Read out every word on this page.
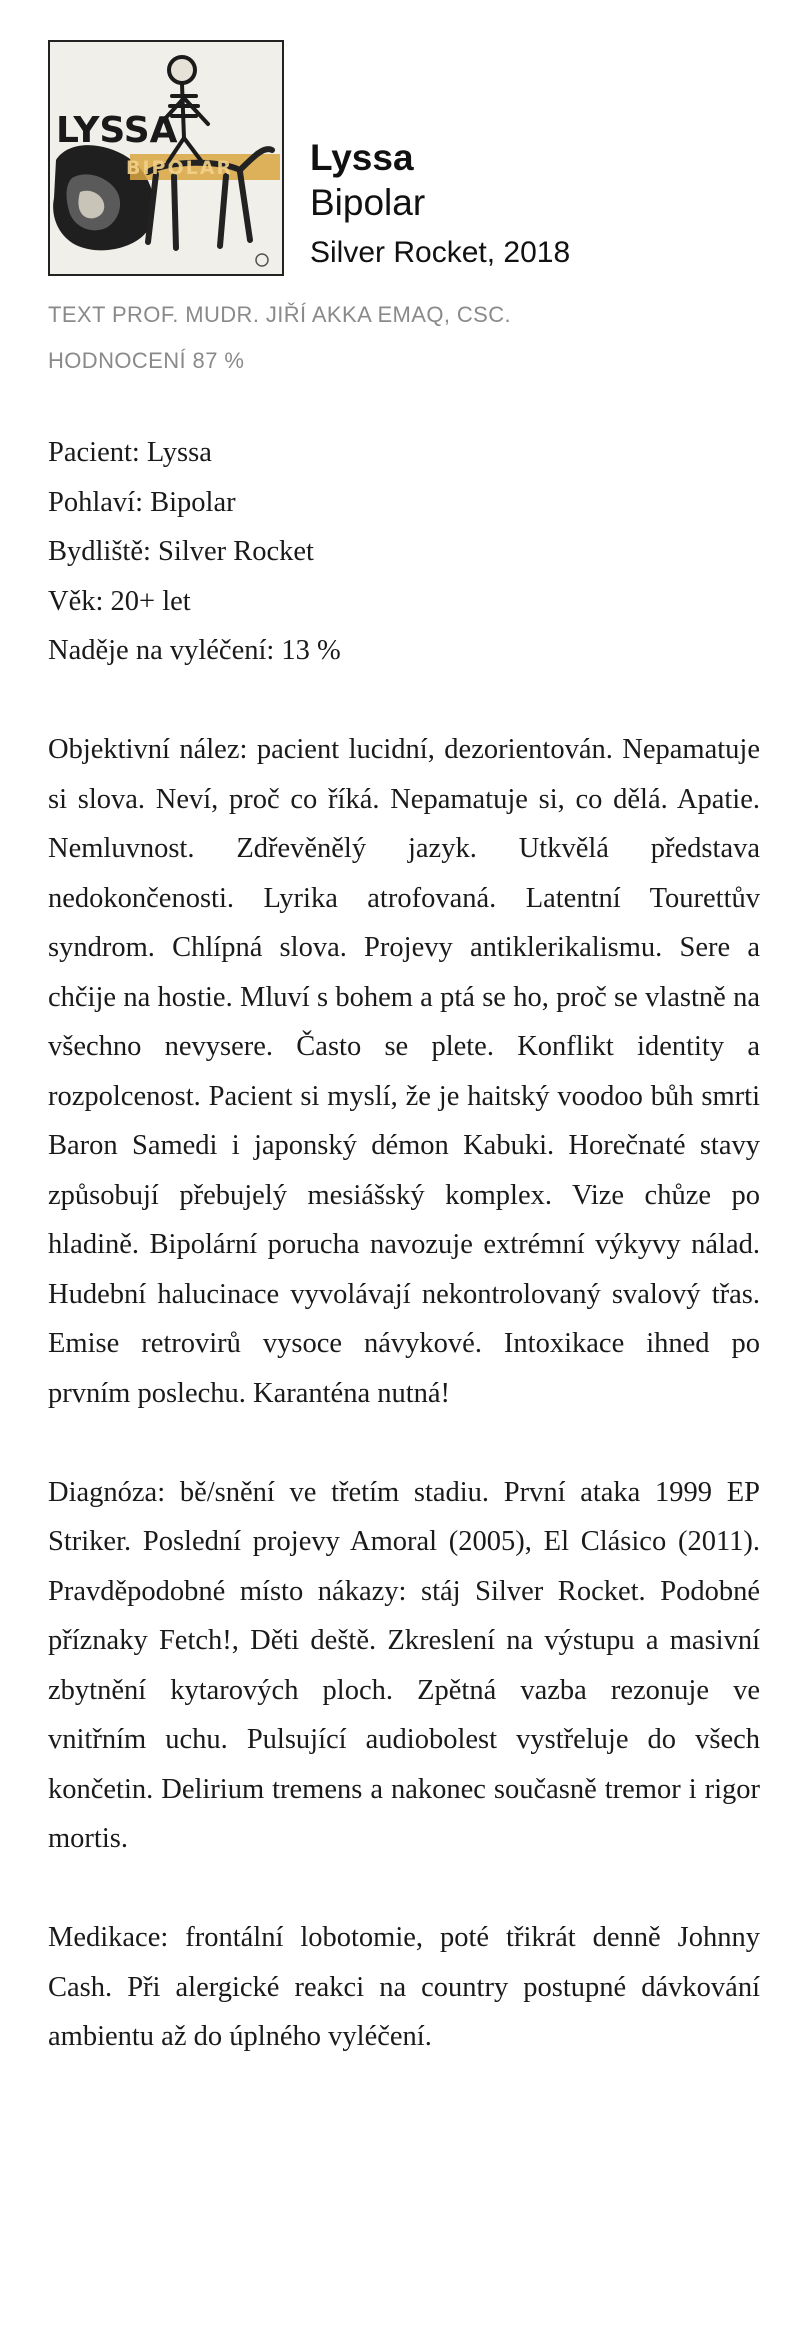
LYSSA
BIPOLAR Lyssa
Bipolar
Silver Rocket, 2018
TEXT PROF. MUDR. JIŘÍ AKKA EMAQ, CSC.
HODNOCENÍ 87 %
Pacient: Lyssa
Pohlaví: Bipolar
Bydliště: Silver Rocket
Věk: 20+ let
Naděje na vyléčení: 13 %

Objektivní nález: pacient lucidní, dezorientován. Nepamatuje si slova. Neví, proč co říká. Nepamatuje si, co dělá. Apatie. Nemluvnost. Zdřevěnělý jazyk. Utkvělá představa nedokončenosti. Lyrika atrofovaná. Latentní Tourettův syndrom. Chlípná slova. Projevy antiklerikalismu. Sere a chčije na hostie. Mluví s bohem a ptá se ho, proč se vlastně na všechno nevysere. Často se plete. Konflikt identity a rozpolcenost. Pacient si myslí, že je haitský voodoo bůh smrti Baron Samedi i japonský démon Kabuki. Horečnaté stavy způsobují přebujelý mesiášský komplex. Vize chůze po hladině. Bipolární porucha navozuje extrémní výkyvy nálad. Hudební halucinace vyvolávají nekontrolovaný svalový třas. Emise retrovirů vysoce návykové. Intoxikace ihned po prvním poslechu. Karanténa nutná!

Diagnóza: bě/snění ve třetím stadiu. První ataka 1999 EP Striker. Poslední projevy Amoral (2005), El Clásico (2011). Pravděpodobné místo nákazy: stáj Silver Rocket. Podobné příznaky Fetch!, Děti deště. Zkreslení na výstupu a masivní zbytnění kytarových ploch. Zpětná vazba rezonuje ve vnitřním uchu. Pulsující audiobolest vystřeluje do všech končetin. Delirium tremens a nakonec současně tremor i rigor mortis.

Medikace: frontální lobotomie, poté třikrát denně Johnny Cash. Při alergické reakci na country postupné dávkování ambientu až do úplného vyléčení.
